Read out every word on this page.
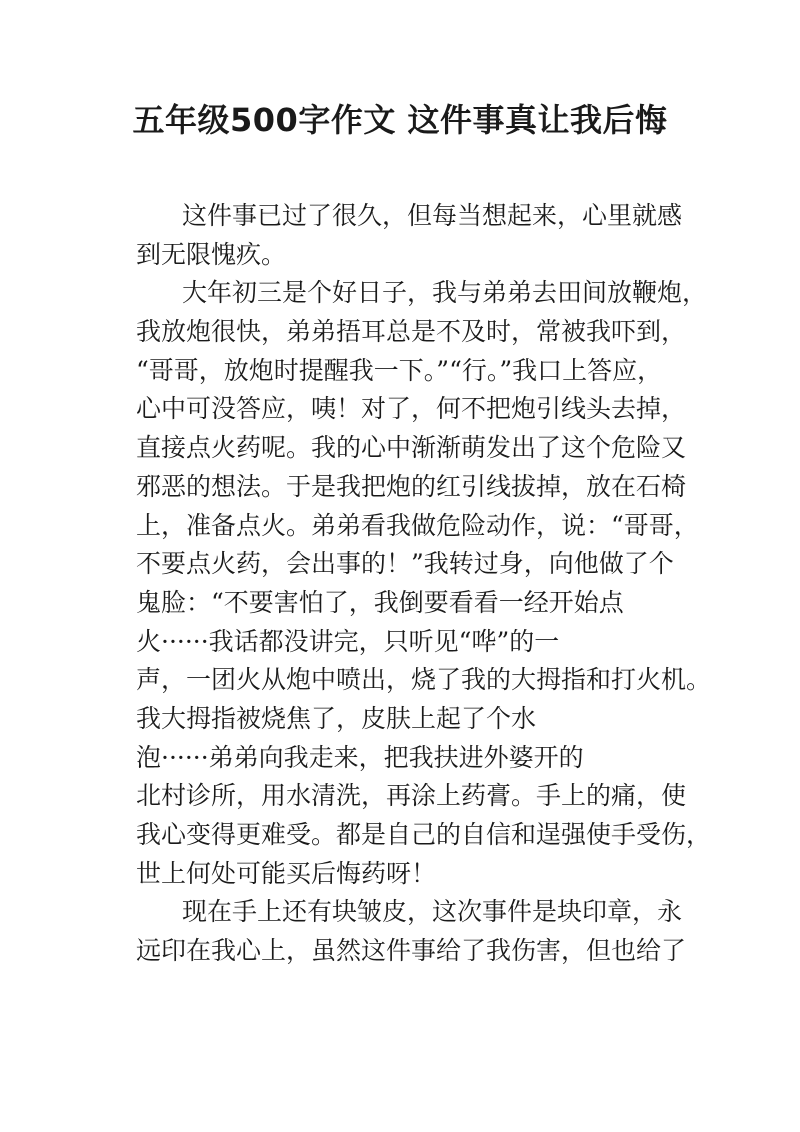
五年级500字作文 这件事真让我后悔
这件事已过了很久，但每当想起来，心里就感
到无限愧疚。
大年初三是个好日子，我与弟弟去田间放鞭炮，
我放炮很快，弟弟捂耳总是不及时，常被我吓到，
“哥哥，放炮时提醒我一下。”“行。”我口上答应，
心中可没答应，咦！对了，何不把炮引线头去掉，
直接点火药呢。我的心中渐渐萌发出了这个危险又
邪恶的想法。于是我把炮的红引线拔掉，放在石椅
上，准备点火。弟弟看我做危险动作，说：“哥哥，
不要点火药，会出事的！”我转过身，向他做了个
鬼脸：“不要害怕了，我倒要看看一经开始点
火······我话都没讲完，只听见“哗”的一
声，一团火从炮中喷出，烧了我的大拇指和打火机。
我大拇指被烧焦了，皮肤上起了个水
泡······弟弟向我走来，把我扶进外婆开的
北村诊所，用水清洗，再涂上药膏。手上的痛，使
我心变得更难受。都是自己的自信和逞强使手受伤，
世上何处可能买后悔药呀！
现在手上还有块皱皮，这次事件是块印章，永
远印在我心上，虽然这件事给了我伤害，但也给了
